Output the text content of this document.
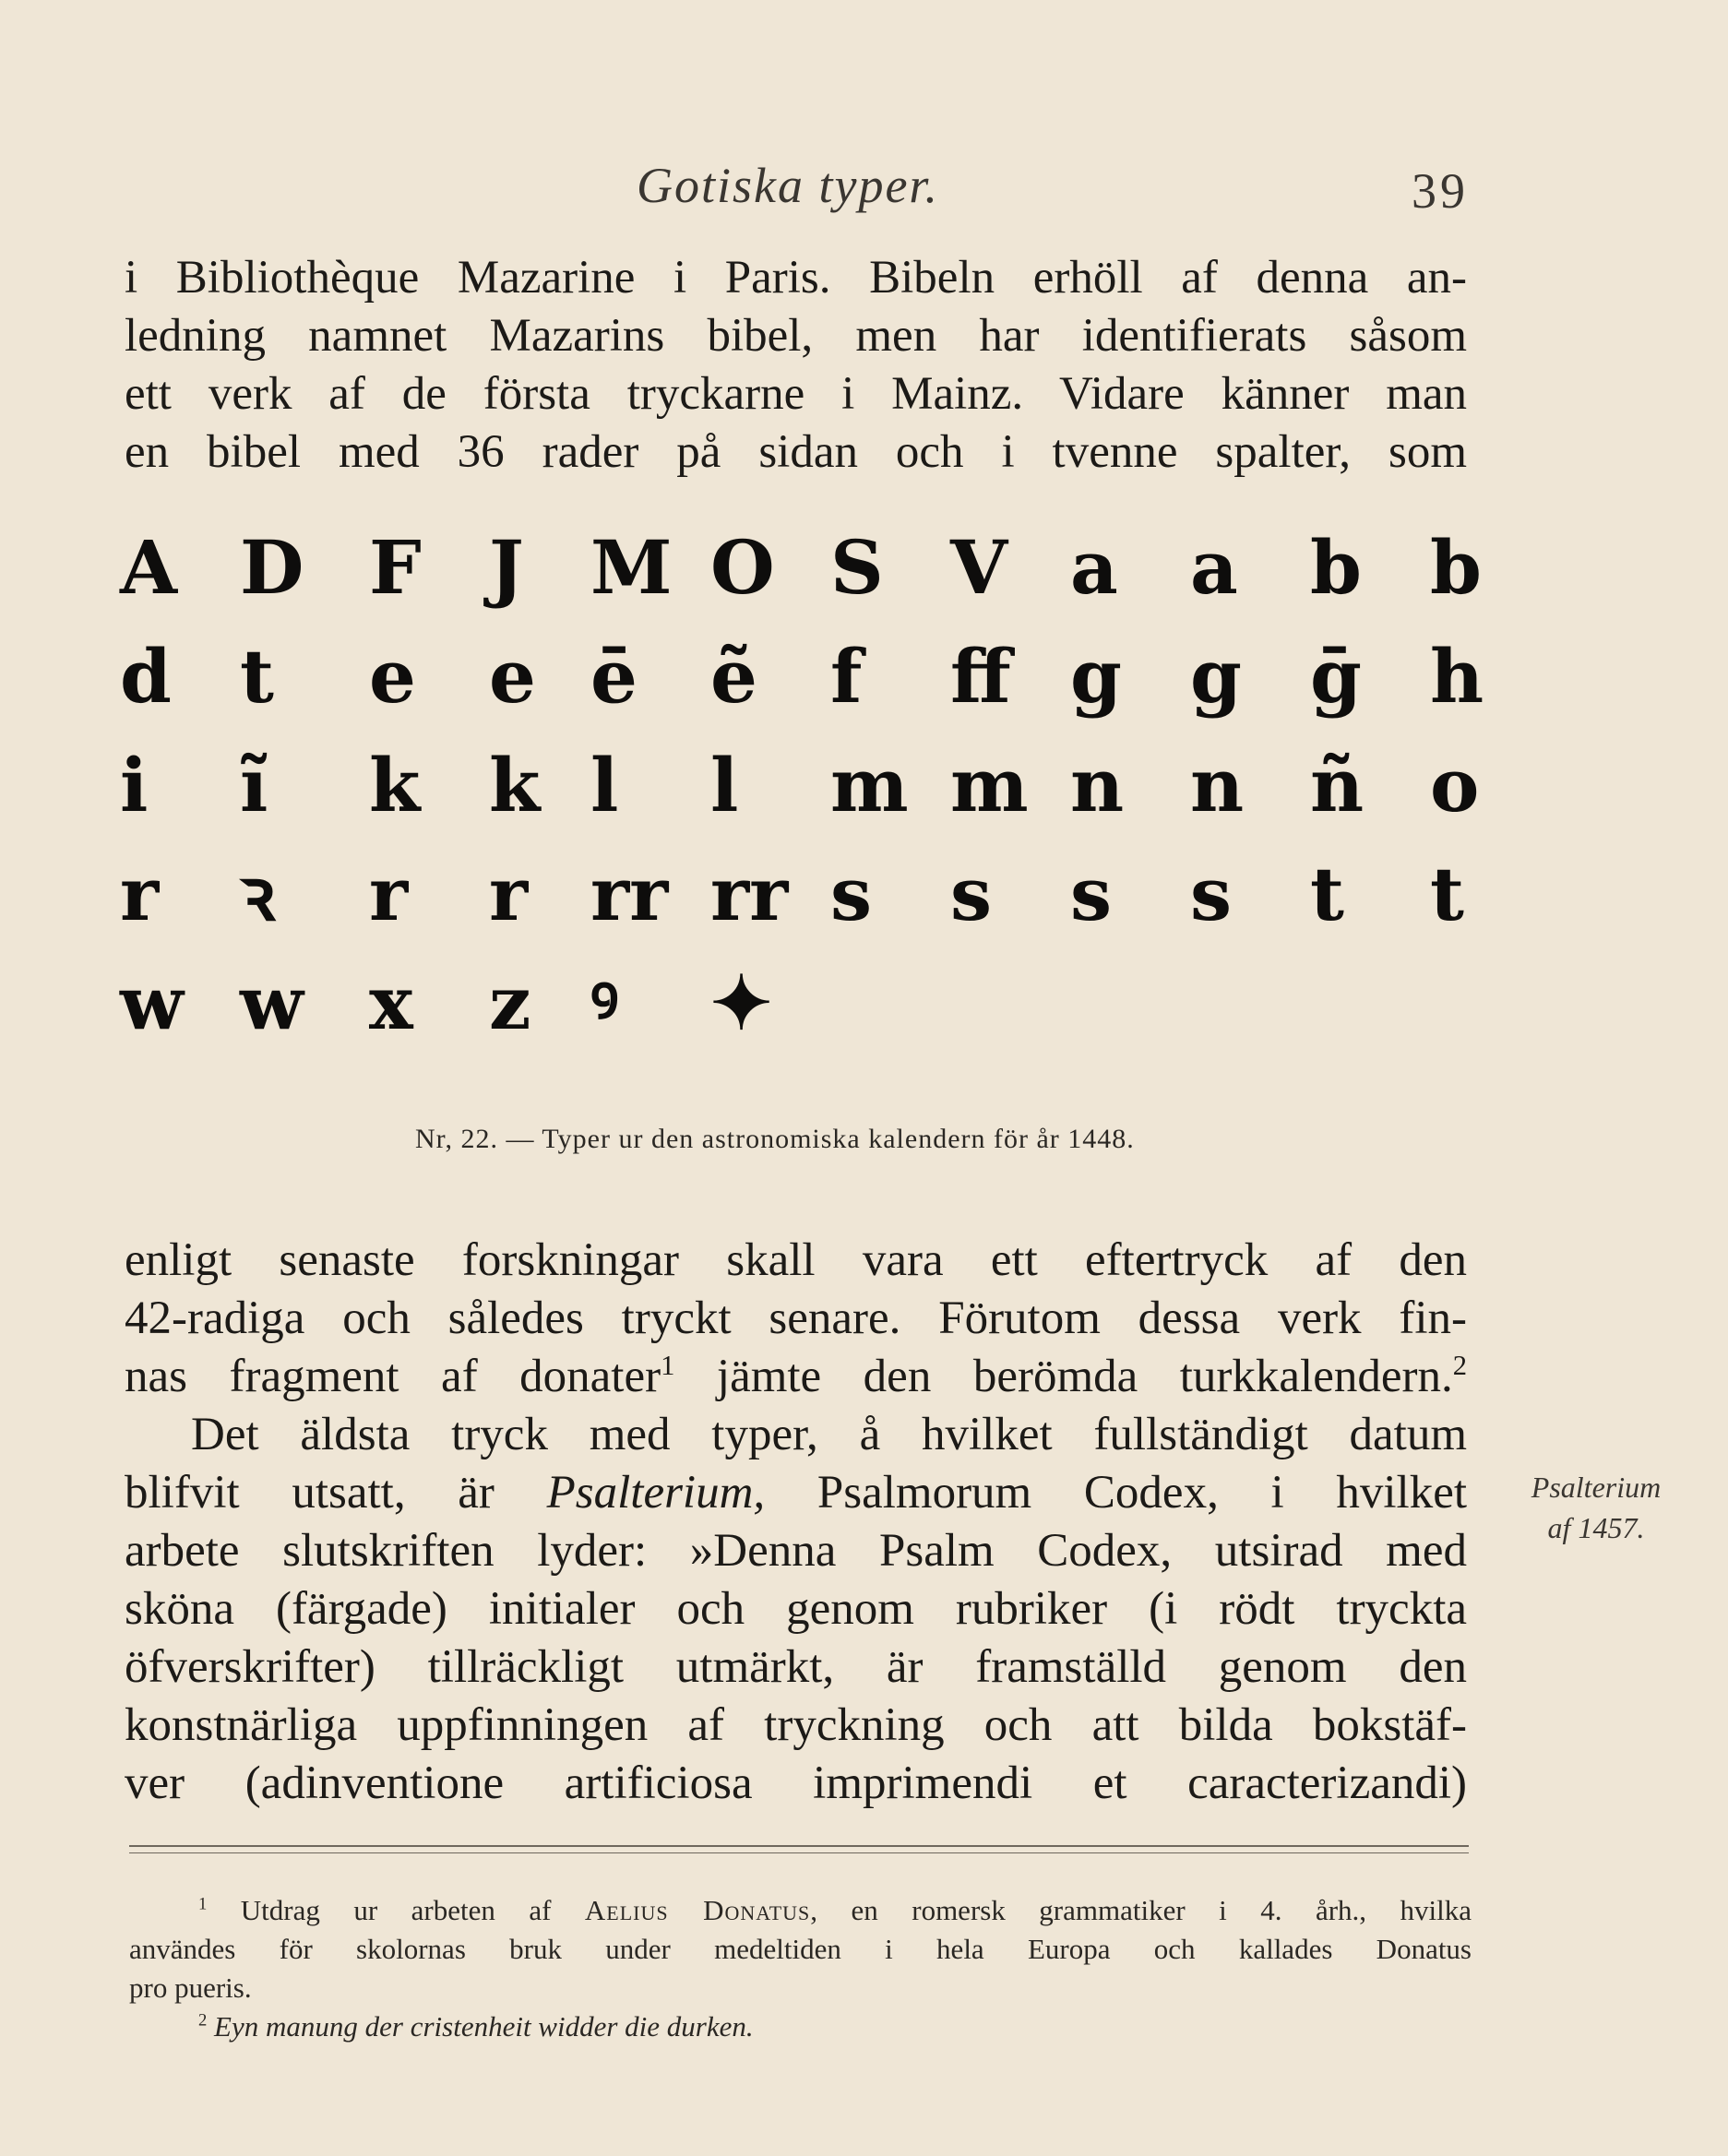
Gotiska typer.	39
i Bibliothèque Mazarine i Paris. Bibeln erhöll af denna an-
ledning namnet Mazarins bibel, men har identifierats såsom
ett verk af de första tryckarne i Mainz. Vidare känner man
en bibel med 36 rader på sidan och i tvenne spalter, som
A D F J M O S V a a b b
d t e e ē ẽ f ff g g ḡ h
i ĩ k k l l m m n n ñ o
r ꝛ r r rr rr s s s s t t
w w x z ꝰ ✦
Nr, 22. — Typer ur den astronomiska kalendern för år 1448.
enligt senaste forskningar skall vara ett eftertryck af den
42-radiga och således tryckt senare. Förutom dessa verk fin-
nas fragment af donater$^1$ jämte den berömda turkkalendern.$^2$
Det äldsta tryck med typer, å hvilket fullständigt datum
blifvit utsatt, är Psalterium, Psalmorum Codex, i hvilket
arbete slutskriften lyder: »Denna Psalm Codex, utsirad med
sköna (färgade) initialer och genom rubriker (i rödt tryckta
öfverskrifter) tillräckligt utmärkt, är framställd genom den
konstnärliga uppfinningen af tryckning och att bilda bokstäf-
ver (adinventione artificiosa imprimendi et caracterizandi)
Psalterium
af 1457.
$^1$ Utdrag ur arbeten af Aelius Donatus, en romersk grammatiker i 4. årh., hvilka
användes för skolornas bruk under medeltiden i hela Europa och kallades Donatus
pro pueris.
$^2$ Eyn manung der cristenheit widder die durken.
